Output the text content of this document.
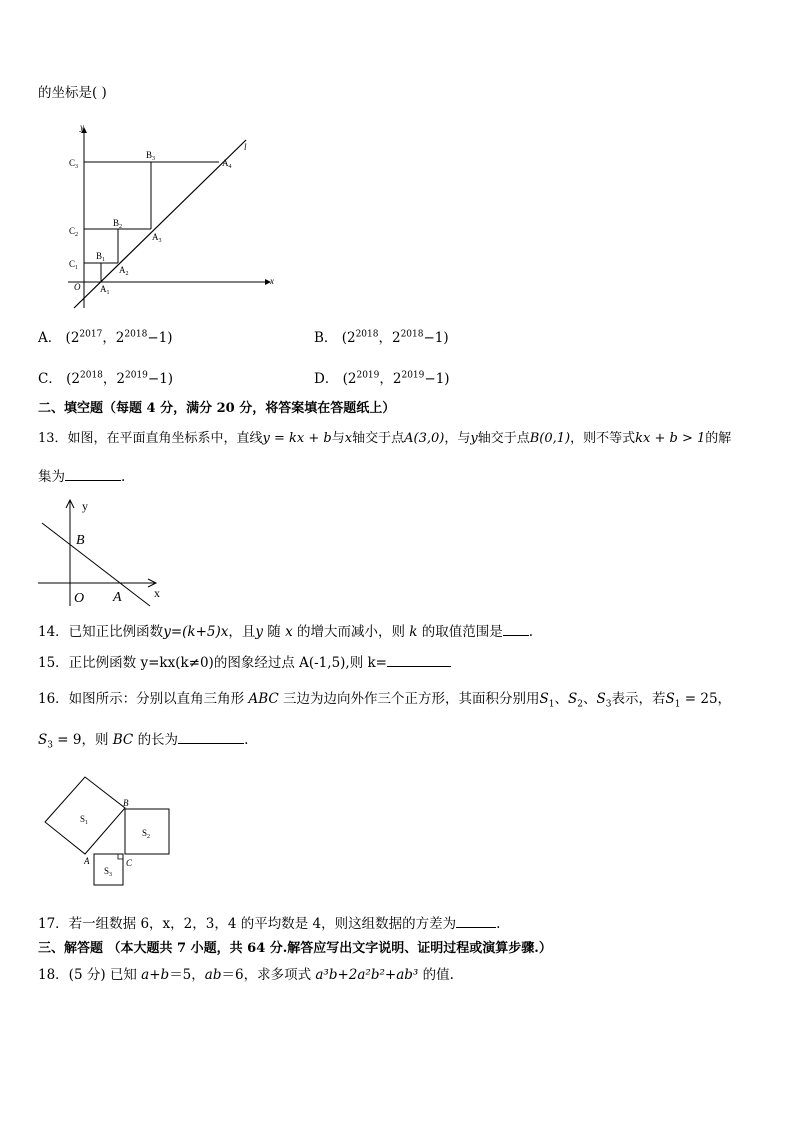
的坐标是( )
y
x
O
l
$C_3$
$C_2$
$C_1$
$B_3$
$B_2$
$B_1$
$A_4$
$A_3$
$A_2$
$A_1$
A． ($2^{2017}$，$2^{2018}-1$)	B． ($2^{2018}$，$2^{2018}-1$)
C． ($2^{2018}$，$2^{2019}-1$)	D． ($2^{2019}$，$2^{2019}-1$)
二、填空题（每题 4 分，满分 20 分，将答案填在答题纸上）
13．如图，在平面直角坐标系中，直线y = kx + b与x轴交于点A(3,0)，与y轴交于点B(0,1)，则不等式kx + b > 1的解
集为	.
y
x
B
O A
14．已知正比例函数y=(k+5)x，且y 随 x 的增大而减小，则 k 的取值范围是 .
15．正比例函数 y=kx(k≠0)的图象经过点 A(-1,5),则 k=
16．如图所示：分别以直角三角形 ABC 三边为边向外作三个正方形，其面积分别用$S_1$、$S_2$、$S_3$表示，若$S_1 = 25$，
$S_3 = 9$，则 BC 的长为	.
$S_1$
$S_2$
$S_3$
B
A	C
17．若一组数据 6，x，2，3，4 的平均数是 4，则这组数据的方差为	.
三、解答题 （本大题共 7 小题，共 64 分.解答应写出文字说明、证明过程或演算步骤.）
18．(5 分) 已知 a+b＝5，ab＝6，求多项式 a³b+2a²b²+ab³ 的值.
